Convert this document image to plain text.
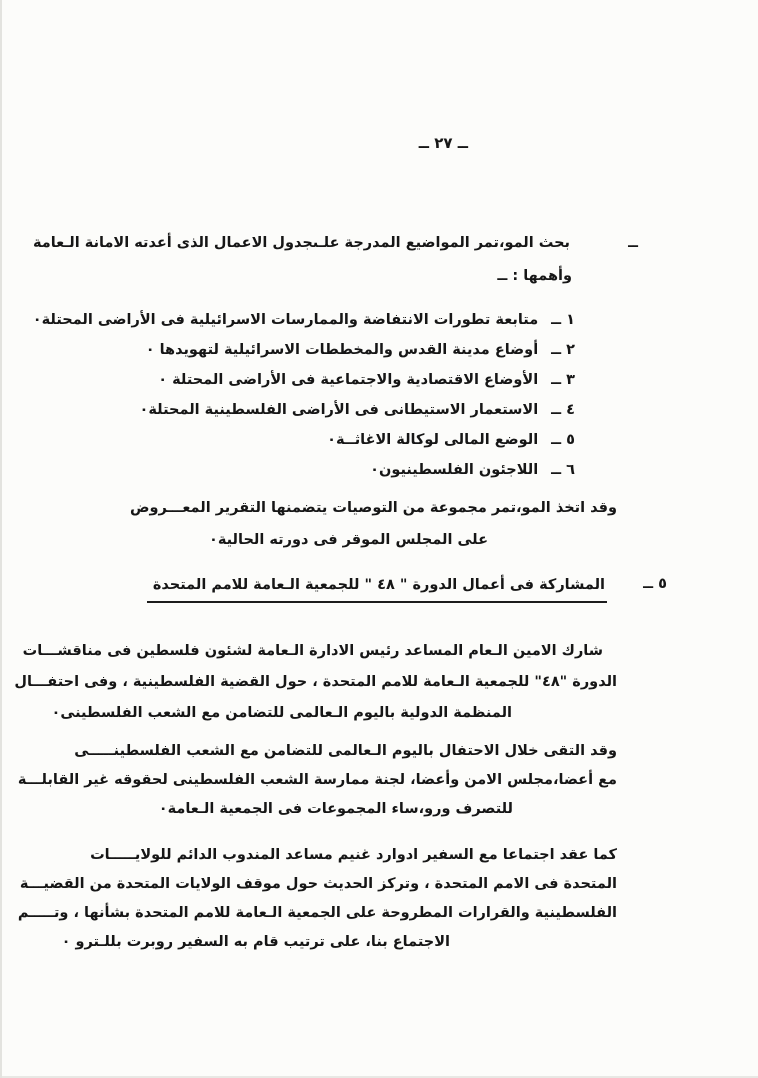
ــ ٢٧ ــ
ــ
بحث المو،تمر المواضيع المدرجة علـىجدول الاعمال الذى أعدته الامانة الـعامة
وأهمها : ــ
١ ــ
متابعة تطورات الانتفاضة والممارسات الاسرائيلية فى الأراضى المحتلة٠
٢ ــ
أوضاع مدينة القدس والمخططات الاسرائيلية لتهويدها ٠
٣ ــ
الأوضاع الاقتصادية والاجتماعية فى الأراضى المحتلة ٠
٤ ــ
الاستعمار الاستيطانى فى الأراضى الفلسطينية المحتلة٠
٥ ــ
الوضع المالى لوكالة الاغاثــة٠
٦ ــ
اللاجئون الفلسطينيون٠
وقد اتخذ المو،تمر مجموعة من التوصيات يتضمنها التقرير المعـــروض
على المجلس الموقر فى دورته الحالية٠
٥ ــ
المشاركة فى أعمال الدورة " ٤٨ " للجمعية الـعامة للامم المتحدة
شارك الامين الـعام المساعد رئيس الادارة الـعامة لشئون فلسطين فى مناقشـــات
الدورة "٤٨" للجمعية الـعامة للامم المتحدة ، حول القضية الفلسطينية ، وفى احتفـــال
المنظمة الدولية باليوم الـعالمى للتضامن مع الشعب الفلسطينى٠
وقد التقى خلال الاحتفال باليوم الـعالمى للتضامن مع الشعب الفلسطينـــــى
مع أعضا،مجلس الامن وأعضا، لجنة ممارسة الشعب الفلسطينى لحقوقه غير القابلـــة
للتصرف ورو،ساء المجموعات فى الجمعية الـعامة٠
كما عقد اجتماعا مع السفير ادوارد غنيم مساعد المندوب الدائم للولايـــــات
المتحدة فى الامم المتحدة ، وتركز الحديث حول موقف الولايات المتحدة من القضيـــة
الفلسطينية والقرارات المطروحة على الجمعية الـعامة للامم المتحدة بشأنها ، وتـــــم
الاجتماع بنا، على ترتيب قام به السفير روبرت بللـترو ٠
